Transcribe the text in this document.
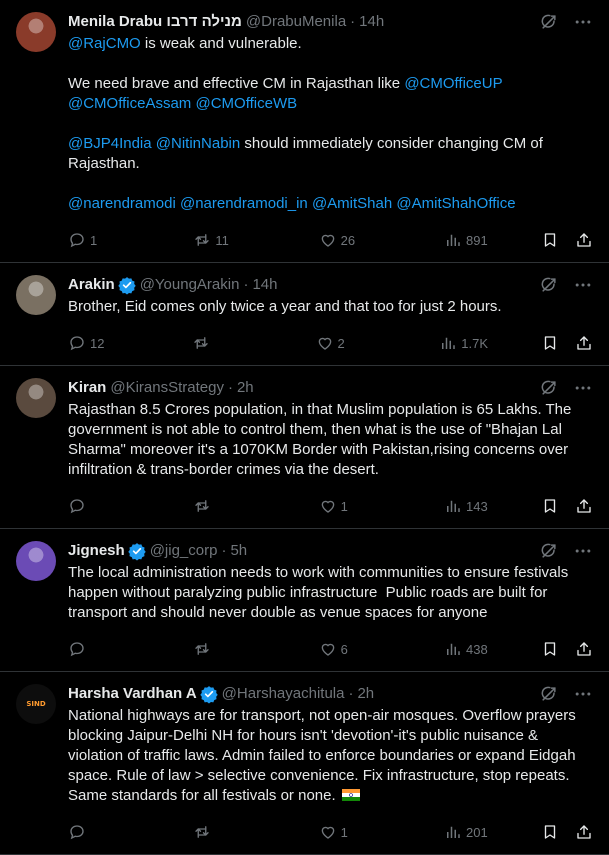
Menila Drabu מנילה דרבו @DrabuMenila · 14h
@RajCMO is weak and vulnerable.

We need brave and effective CM in Rajasthan like @CMOfficeUP
@CMOfficeAssam @CMOfficeWB

@BJP4India @NitinNabin should immediately consider changing CM of Rajasthan.

@narendramodi @narendramodi_in @AmitShah @AmitShahOffice
1	11	26	891
Arakin @YoungArakin · 14h
Brother, Eid comes only twice a year and that too for just 2 hours.
12	2	1.7K
Kiran @KiransStrategy · 2h
Rajasthan 8.5 Crores population, in that Muslim population is 65 Lakhs. The government is not able to control them, then what is the use of "Bhajan Lal Sharma" moreover it's a 1070KM Border with Pakistan,rising concerns over infiltration & trans-border crimes via the desert.
1	143
Jignesh @jig_corp · 5h
The local administration needs to work with communities to ensure festivals happen without paralyzing public infrastructure  Public roads are built for transport and should never double as venue spaces for anyone
6	438
SIND
Harsha Vardhan A @Harshayachitula · 2h
National highways are for transport, not open-air mosques. Overflow prayers blocking Jaipur-Delhi NH for hours isn't 'devotion'-it's public nuisance & violation of traffic laws. Admin failed to enforce boundaries or expand Eidgah space. Rule of law > selective convenience. Fix infrastructure, stop repeats. Same standards for all festivals or none.
1	201
